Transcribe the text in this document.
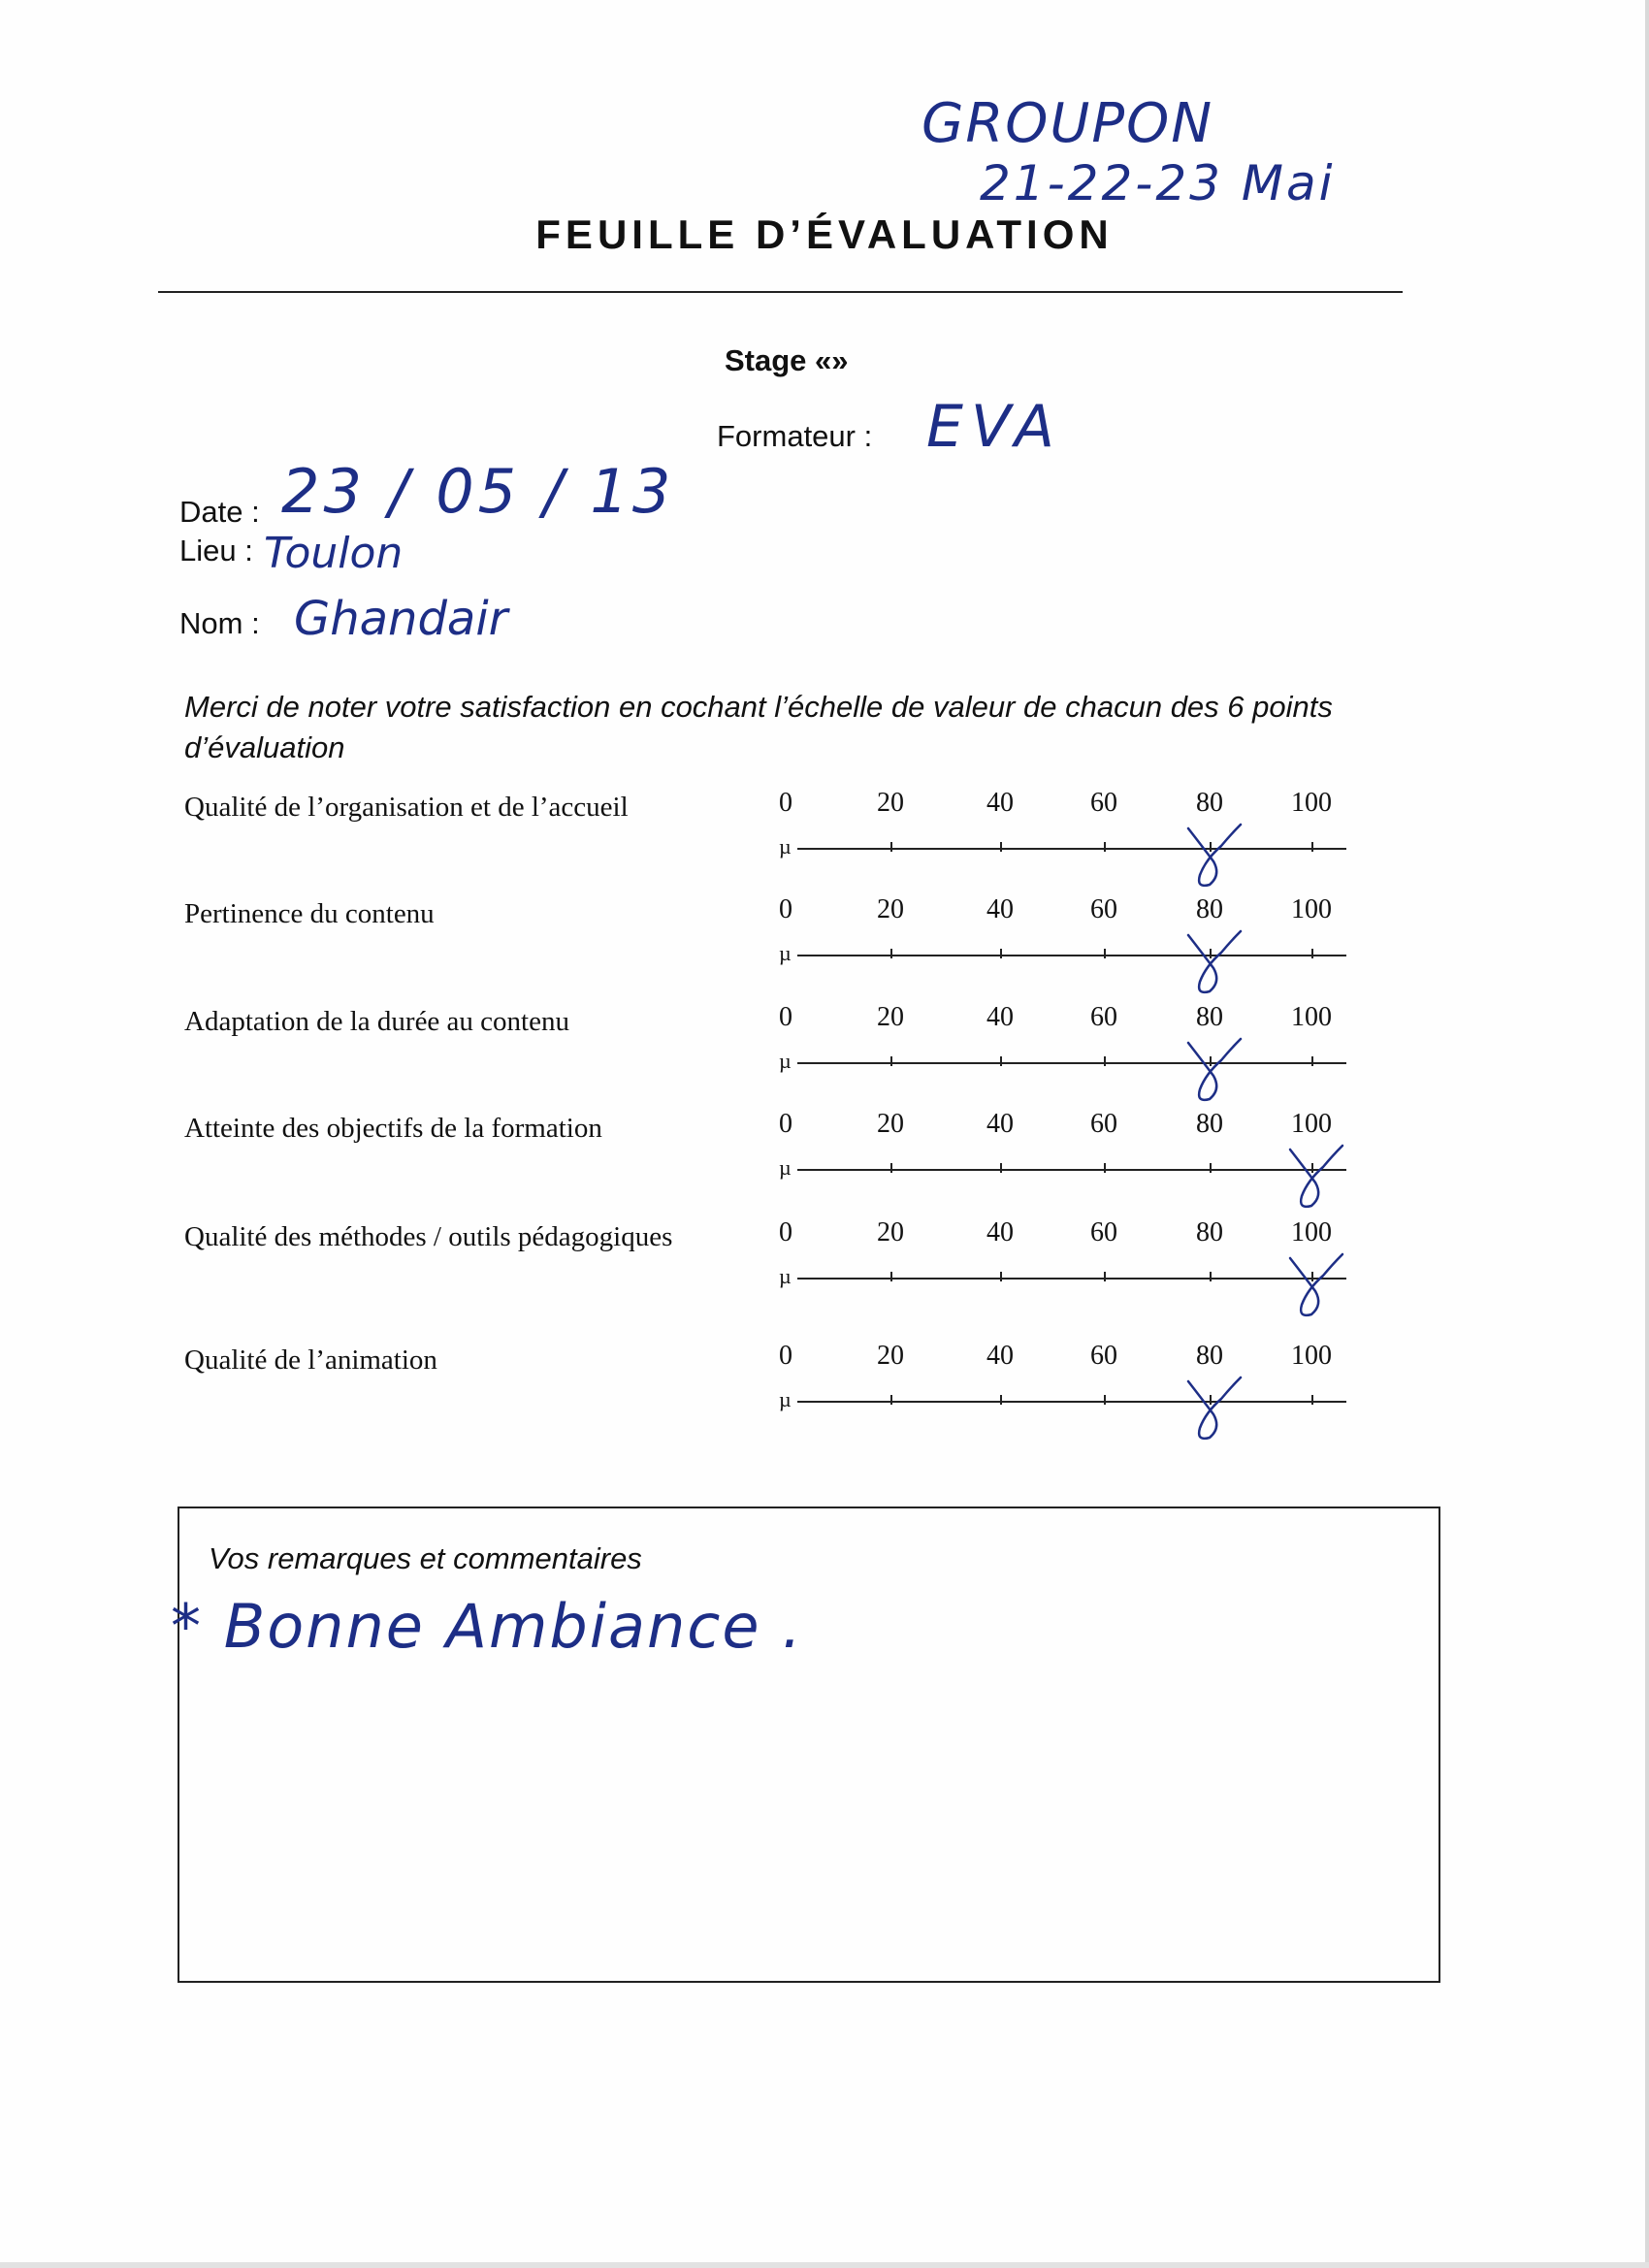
GROUPON
21-22-23 Mai
FEUILLE D’ÉVALUATION
Stage «»
Formateur : EVA
Date : 23 / 05 / 13
Lieu : Toulon
Nom : Ghandair
Merci de noter votre satisfaction en cochant l’échelle de valeur de chacun des 6 points d’évaluation
Qualité de l’organisation et de l’accueil	0	20	40	60	80	100
µ
Pertinence du contenu	0	20	40	60	80	100
µ
Adaptation de la durée au contenu	0	20	40	60	80	100
µ
Atteinte des objectifs de la formation	0	20	40	60	80	100
µ
Qualité des méthodes / outils pédagogiques	0	20	40	60	80	100
µ
Qualité de l’animation	0	20	40	60	80	100
µ
Vos remarques et commentaires
* Bonne Ambiance .
